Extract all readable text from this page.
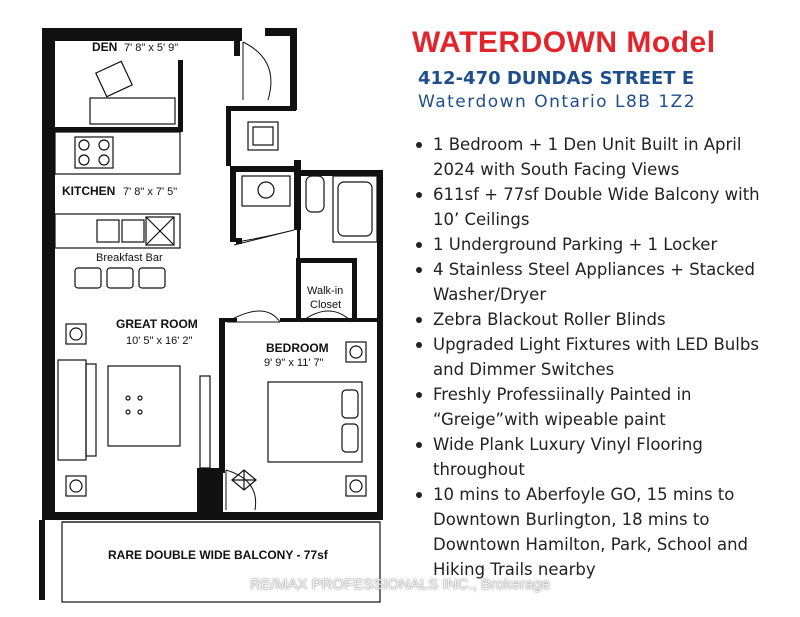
DEN 7' 8" x 5' 9"
KITCHEN 7' 8" x 7' 5"
Breakfast Bar
GREAT ROOM
10' 5" x 16' 2"
Walk-in
Closet
BEDROOM
9' 9" x 11' 7"
RARE DOUBLE WIDE BALCONY - 77sf
WATERDOWN Model
412-470 DUNDAS STREET E
Waterdown Ontario L8B 1Z2
1 Bedroom + 1 Den Unit Built in April 2024 with South Facing Views
611sf + 77sf Double Wide Balcony with 10’ Ceilings
1 Underground Parking + 1 Locker
4 Stainless Steel Appliances + Stacked Washer/Dryer
Zebra Blackout Roller Blinds
Upgraded Light Fixtures with LED Bulbs and Dimmer Switches
Freshly Professiinally Painted in “Greige”with wipeable paint
Wide Plank Luxury Vinyl Flooring throughout
10 mins to Aberfoyle GO, 15 mins to Downtown Burlington, 18 mins to Downtown Hamilton, Park, School and Hiking Trails nearby
RE/MAX PROFESSIONALS INC., Brokerage
